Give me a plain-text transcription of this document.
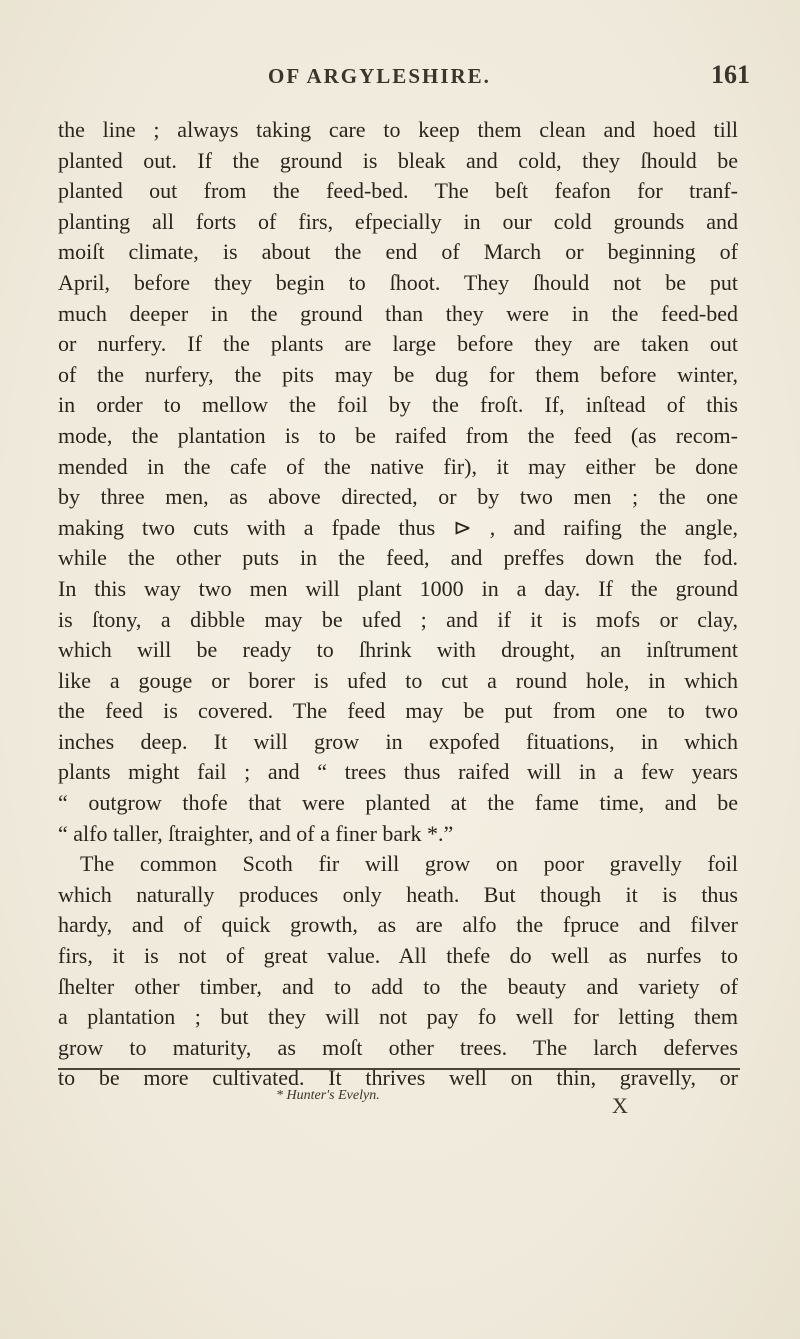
OF ARGYLESHIRE.	161
the line ; always taking care to keep them clean and hoed till
planted out. If the ground is bleak and cold, they ſhould be
planted out from the feed-bed. The beſt feafon for tranf-
planting all forts of firs, efpecially in our cold grounds and
moiſt climate, is about the end of March or beginning of
April, before they begin to ſhoot. They ſhould not be put
much deeper in the ground than they were in the feed-bed
or nurfery. If the plants are large before they are taken out
of the nurfery, the pits may be dug for them before winter,
in order to mellow the foil by the froſt. If, inſtead of this
mode, the plantation is to be raifed from the feed (as recom-
mended in the cafe of the native fir), it may either be done
by three men, as above directed, or by two men ; the one
making two cuts with a fpade thus ⊳ , and raifing the angle,
while the other puts in the feed, and preffes down the fod.
In this way two men will plant 1000 in a day. If the ground
is ſtony, a dibble may be ufed ; and if it is mofs or clay,
which will be ready to ſhrink with drought, an inſtrument
like a gouge or borer is ufed to cut a round hole, in which
the feed is covered. The feed may be put from one to two
inches deep. It will grow in expofed fituations, in which
plants might fail ; and “ trees thus raifed will in a few years
“ outgrow thofe that were planted at the fame time, and be
“ alfo taller, ſtraighter, and of a finer bark *.”
The common Scoth fir will grow on poor gravelly foil
which naturally produces only heath. But though it is thus
hardy, and of quick growth, as are alfo the fpruce and filver
firs, it is not of great value. All thefe do well as nurfes to
ſhelter other timber, and to add to the beauty and variety of
a plantation ; but they will not pay fo well for letting them
grow to maturity, as moſt other trees. The larch deferves
to be more cultivated. It thrives well on thin, gravelly, or
* Hunter's Evelyn.	X
